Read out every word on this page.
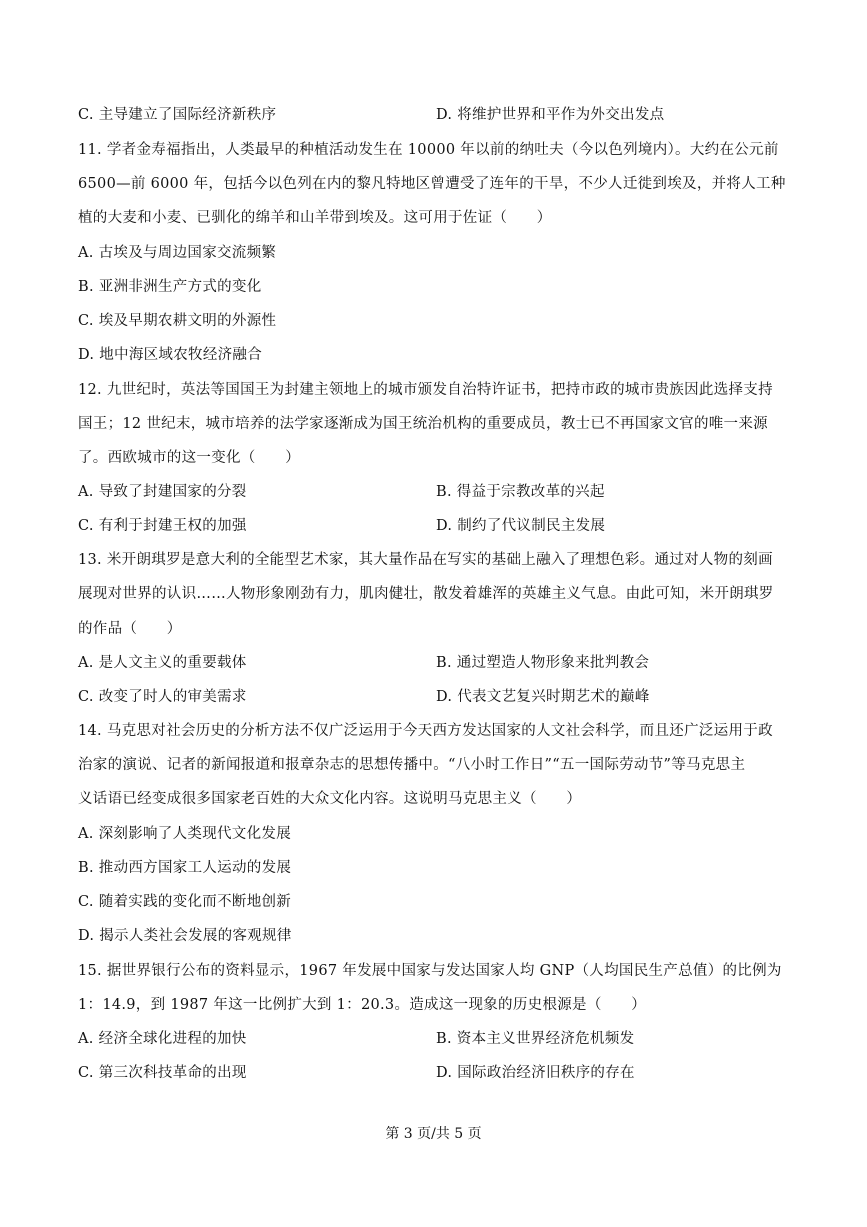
C. 主导建立了国际经济新秩序	D. 将维护世界和平作为外交出发点
11. 学者金寿福指出，人类最早的种植活动发生在 10000 年以前的纳吐夫（今以色列境内）。大约在公元前
6500—前 6000 年，包括今以色列在内的黎凡特地区曾遭受了连年的干旱，不少人迁徙到埃及，并将人工种
植的大麦和小麦、已驯化的绵羊和山羊带到埃及。这可用于佐证（　　）
A. 古埃及与周边国家交流频繁
B. 亚洲非洲生产方式的变化
C. 埃及早期农耕文明的外源性
D. 地中海区域农牧经济融合
12. 九世纪时，英法等国国王为封建主领地上的城市颁发自治特许证书，把持市政的城市贵族因此选择支持
国王；12 世纪末，城市培养的法学家逐渐成为国王统治机构的重要成员，教士已不再国家文官的唯一来源
了。西欧城市的这一变化（　　）
A. 导致了封建国家的分裂	B. 得益于宗教改革的兴起
C. 有利于封建王权的加强	D. 制约了代议制民主发展
13. 米开朗琪罗是意大利的全能型艺术家，其大量作品在写实的基础上融入了理想色彩。通过对人物的刻画
展现对世界的认识……人物形象刚劲有力，肌肉健壮，散发着雄浑的英雄主义气息。由此可知，米开朗琪罗
的作品（　　）
A. 是人文主义的重要载体	B. 通过塑造人物形象来批判教会
C. 改变了时人的审美需求	D. 代表文艺复兴时期艺术的巅峰
14. 马克思对社会历史的分析方法不仅广泛运用于今天西方发达国家的人文社会科学，而且还广泛运用于政
治家的演说、记者的新闻报道和报章杂志的思想传播中。“八小时工作日”“五一国际劳动节”等马克思主
义话语已经变成很多国家老百姓的大众文化内容。这说明马克思主义（　　）
A. 深刻影响了人类现代文化发展
B. 推动西方国家工人运动的发展
C. 随着实践的变化而不断地创新
D. 揭示人类社会发展的客观规律
15. 据世界银行公布的资料显示，1967 年发展中国家与发达国家人均 GNP（人均国民生产总值）的比例为
1：14.9，到 1987 年这一比例扩大到 1：20.3。造成这一现象的历史根源是（　　）
A. 经济全球化进程的加快	B. 资本主义世界经济危机频发
C. 第三次科技革命的出现	D. 国际政治经济旧秩序的存在
第 3 页/共 5 页
